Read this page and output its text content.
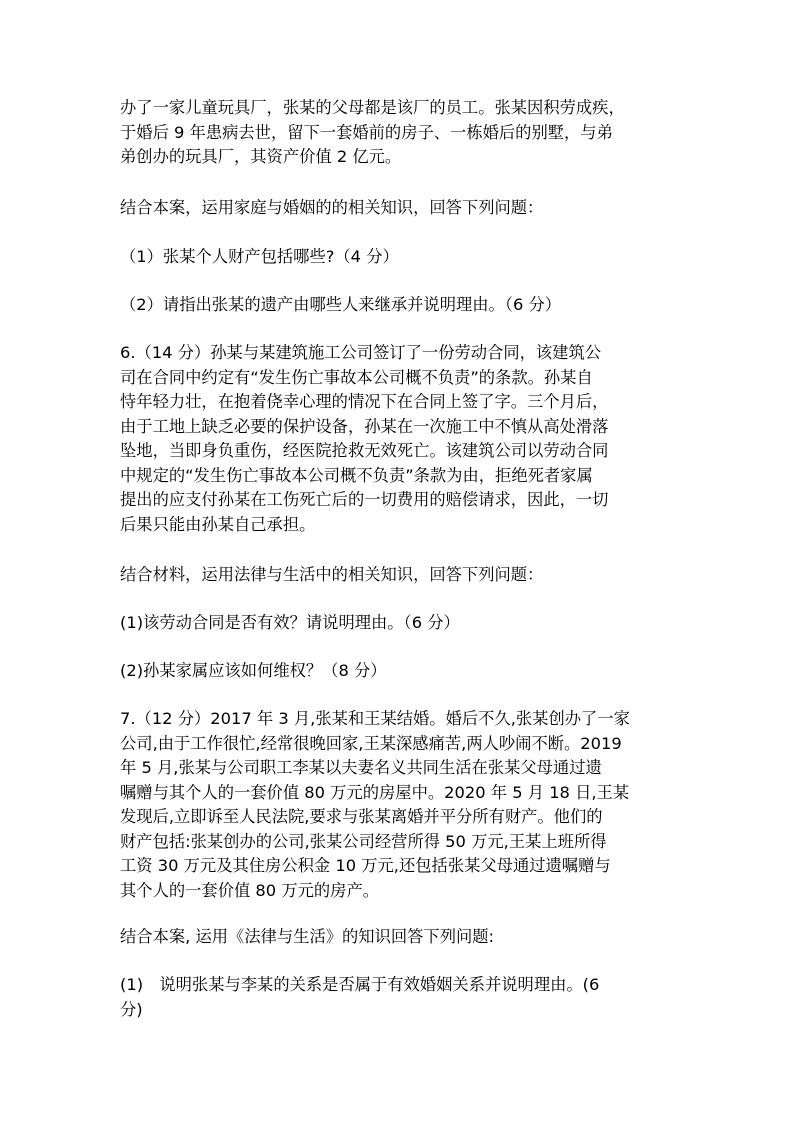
办了一家儿童玩具厂，张某的父母都是该厂的员工。张某因积劳成疾，
于婚后 9 年患病去世，留下一套婚前的房子、一栋婚后的别墅，与弟
弟创办的玩具厂，其资产价值 2 亿元。
结合本案，运用家庭与婚姻的的相关知识，回答下列问题：
（1）张某个人财产包括哪些?（4 分）
（2）请指出张某的遗产由哪些人来继承并说明理由。（6 分）
6.（14 分）孙某与某建筑施工公司签订了一份劳动合同，该建筑公
司在合同中约定有“发生伤亡事故本公司概不负责”的条款。孙某自
恃年轻力壮，在抱着侥幸心理的情况下在合同上签了字。三个月后，
由于工地上缺乏必要的保护设备，孙某在一次施工中不慎从高处滑落
坠地，当即身负重伤，经医院抢救无效死亡。该建筑公司以劳动合同
中规定的“发生伤亡事故本公司概不负责”条款为由，拒绝死者家属
提出的应支付孙某在工伤死亡后的一切费用的赔偿请求，因此，一切
后果只能由孙某自己承担。
结合材料，运用法律与生活中的相关知识，回答下列问题：
(1)该劳动合同是否有效？请说明理由。（6 分）
(2)孙某家属应该如何维权？（8 分）
7.（12 分）2017 年 3 月,张某和王某结婚。婚后不久,张某创办了一家
公司,由于工作很忙,经常很晚回家,王某深感痛苦,两人吵闹不断。2019
年 5 月,张某与公司职工李某以夫妻名义共同生活在张某父母通过遗
嘱赠与其个人的一套价值 80 万元的房屋中。2020 年 5 月 18 日,王某
发现后,立即诉至人民法院,要求与张某离婚并平分所有财产。他们的
财产包括:张某创办的公司,张某公司经营所得 50 万元,王某上班所得
工资 30 万元及其住房公积金 10 万元,还包括张某父母通过遗嘱赠与
其个人的一套价值 80 万元的房产。
结合本案, 运用《法律与生活》的知识回答下列问题:
(1)　说明张某与李某的关系是否属于有效婚姻关系并说明理由。(6
分)
